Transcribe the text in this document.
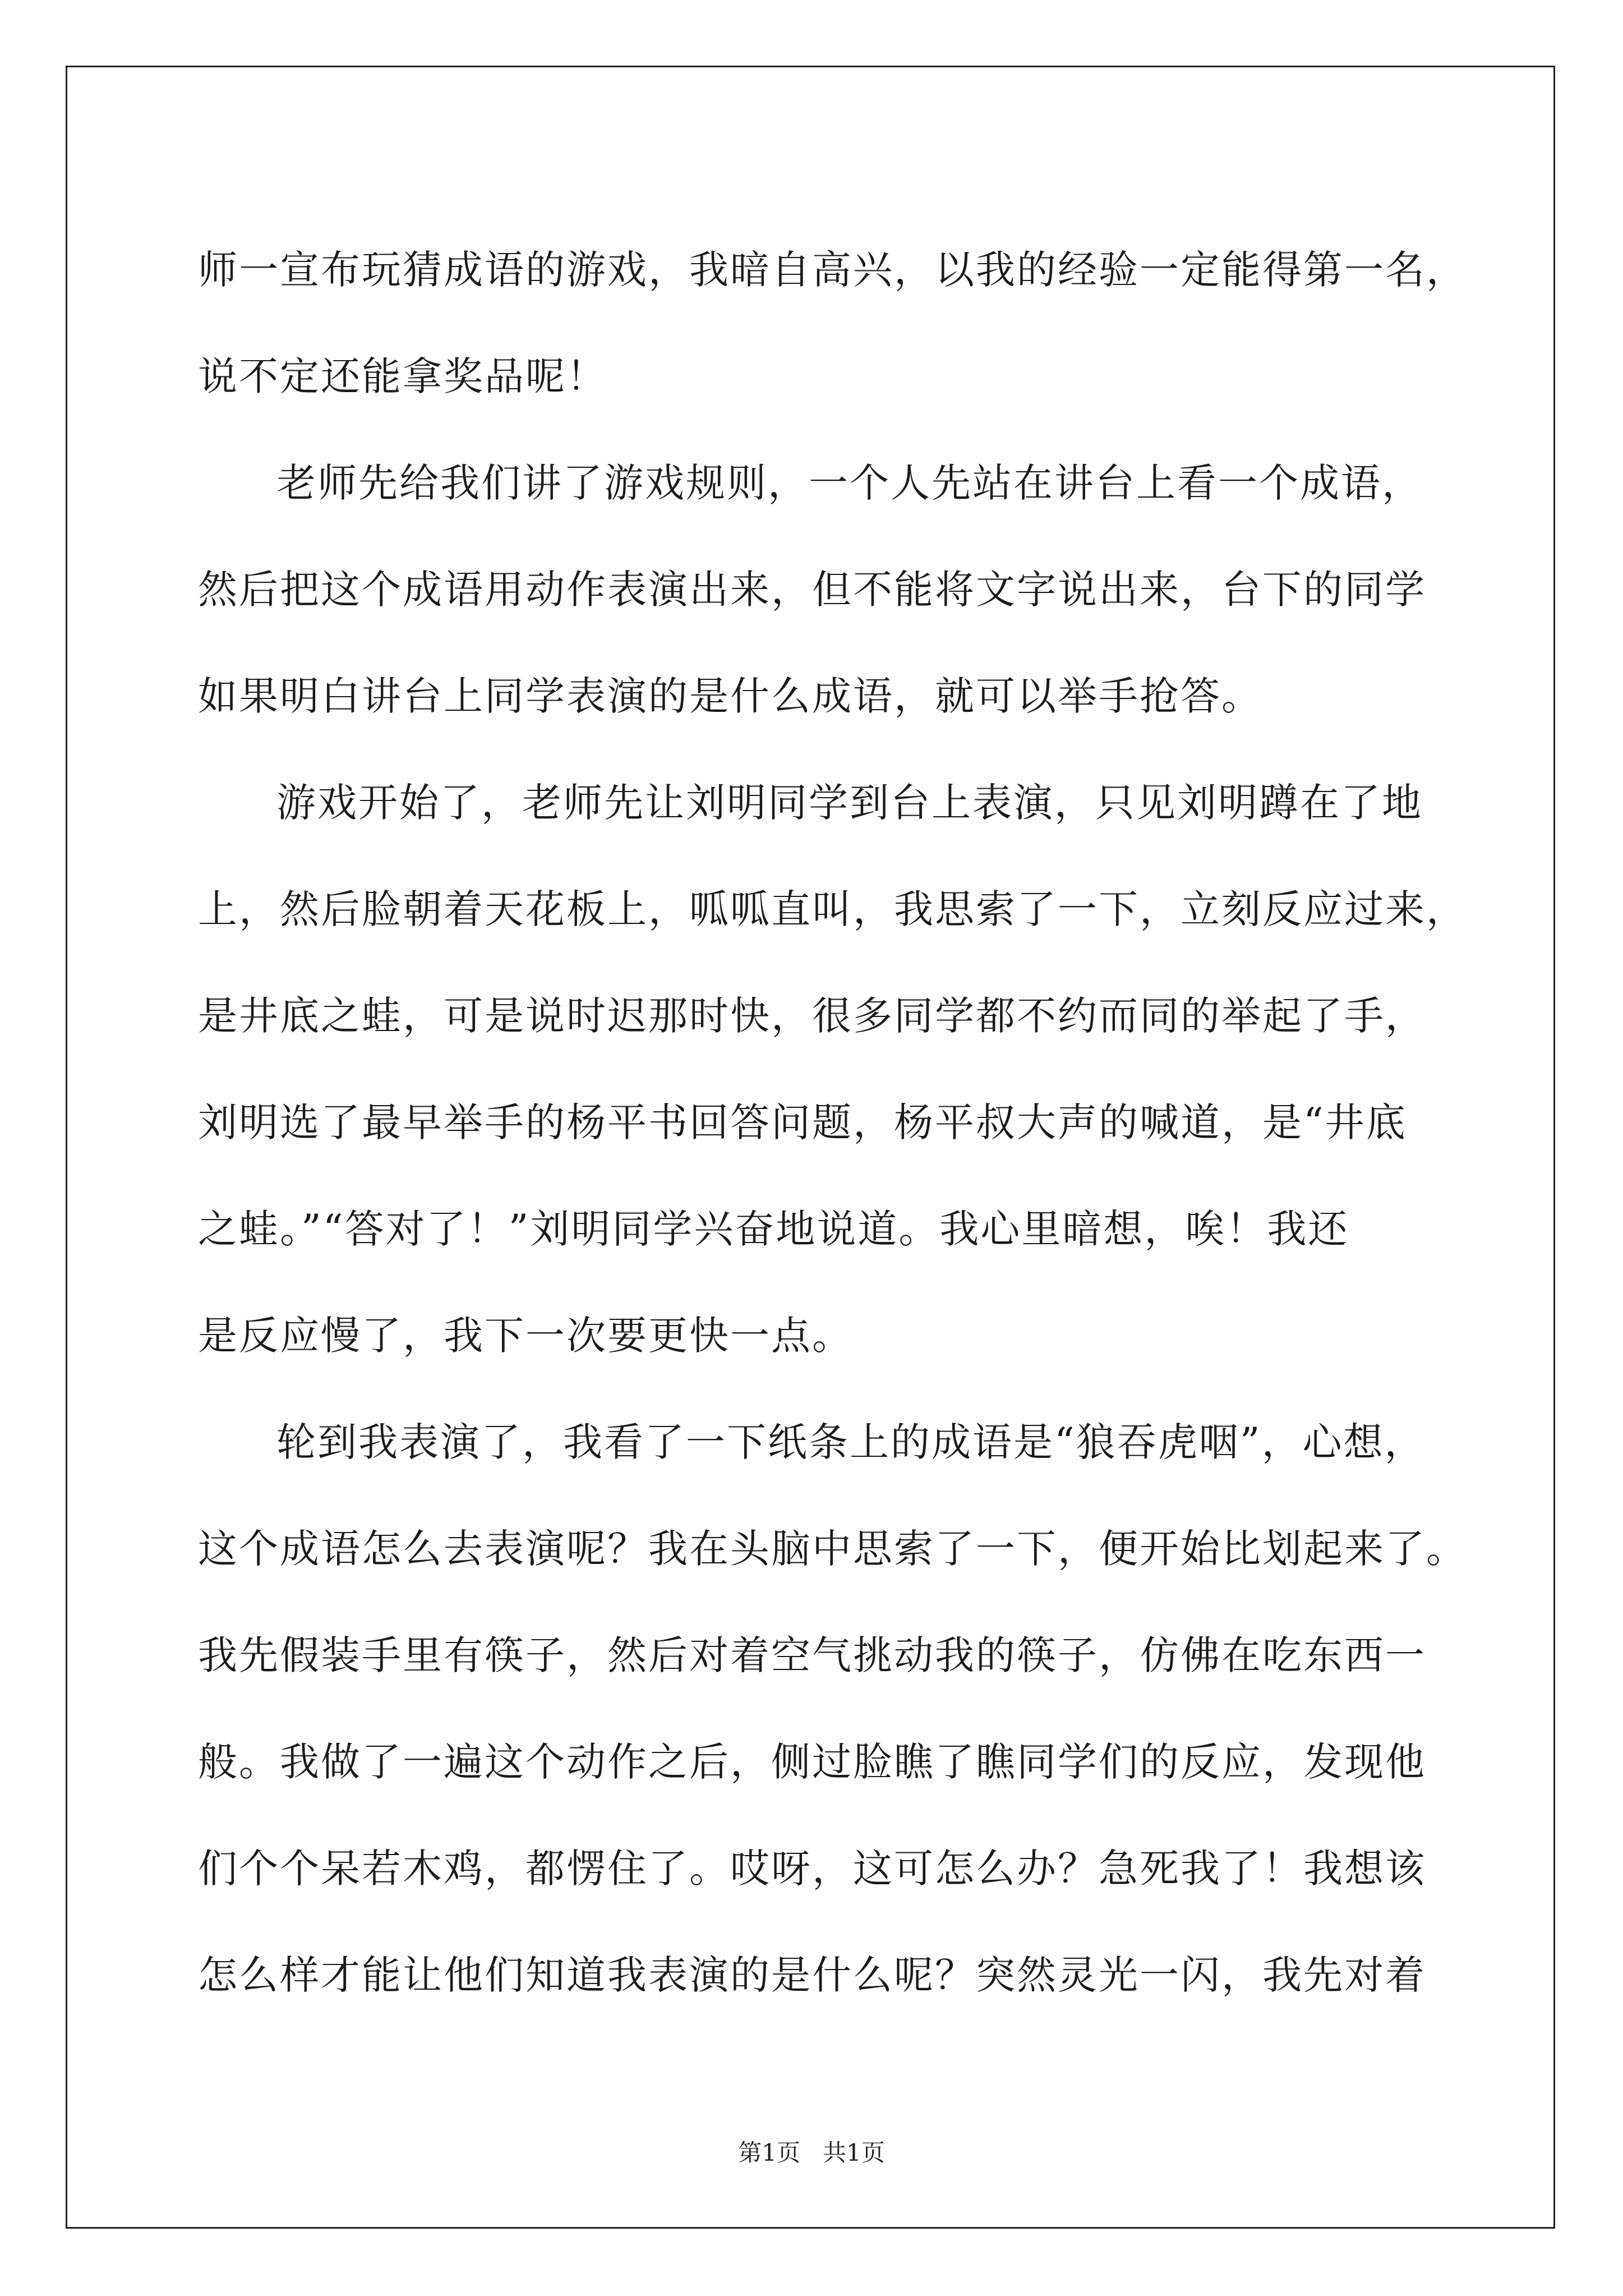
师一宣布玩猜成语的游戏，我暗自高兴，以我的经验一定能得第一名，
说不定还能拿奖品呢！
老师先给我们讲了游戏规则，一个人先站在讲台上看一个成语，
然后把这个成语用动作表演出来，但不能将文字说出来，台下的同学
如果明白讲台上同学表演的是什么成语，就可以举手抢答。
游戏开始了，老师先让刘明同学到台上表演，只见刘明蹲在了地
上，然后脸朝着天花板上，呱呱直叫，我思索了一下，立刻反应过来，
是井底之蛙，可是说时迟那时快，很多同学都不约而同的举起了手，
刘明选了最早举手的杨平书回答问题，杨平叔大声的喊道，是“井底
之蛙。”“答对了！”刘明同学兴奋地说道。我心里暗想，唉！我还
是反应慢了，我下一次要更快一点。
轮到我表演了，我看了一下纸条上的成语是“狼吞虎咽”，心想，
这个成语怎么去表演呢？我在头脑中思索了一下，便开始比划起来了。
我先假装手里有筷子，然后对着空气挑动我的筷子，仿佛在吃东西一
般。我做了一遍这个动作之后，侧过脸瞧了瞧同学们的反应，发现他
们个个呆若木鸡，都愣住了。哎呀，这可怎么办？急死我了！我想该
怎么样才能让他们知道我表演的是什么呢？突然灵光一闪，我先对着
第1页   共1页
